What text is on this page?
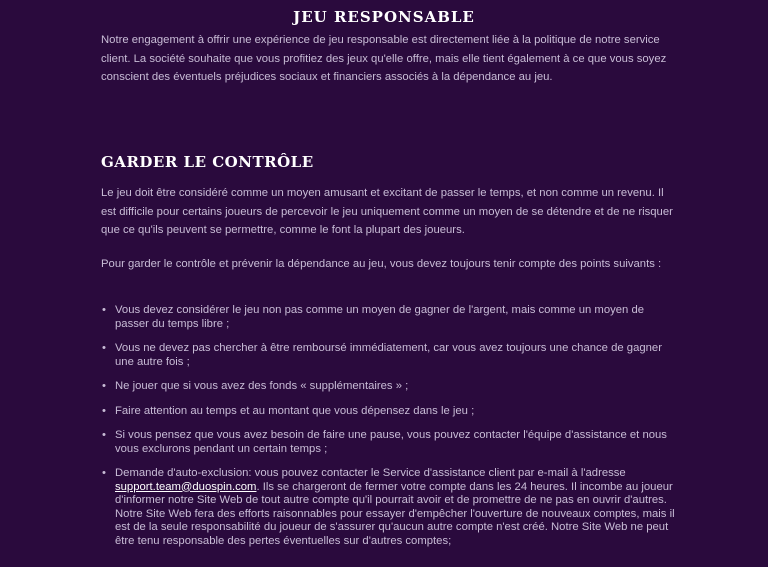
JEU RESPONSABLE

Notre engagement à offrir une expérience de jeu responsable est directement liée à la politique de notre service client. La société souhaite que vous profitiez des jeux qu'elle offre, mais elle tient également à ce que vous soyez conscient des éventuels préjudices sociaux et financiers associés à la dépendance au jeu.

GARDER LE CONTRÔLE

Le jeu doit être considéré comme un moyen amusant et excitant de passer le temps, et non comme un revenu. Il est difficile pour certains joueurs de percevoir le jeu uniquement comme un moyen de se détendre et de ne risquer que ce qu'ils peuvent se permettre, comme le font la plupart des joueurs.

Pour garder le contrôle et prévenir la dépendance au jeu, vous devez toujours tenir compte des points suivants :

• Vous devez considérer le jeu non pas comme un moyen de gagner de l'argent, mais comme un moyen de passer du temps libre ;
• Vous ne devez pas chercher à être remboursé immédiatement, car vous avez toujours une chance de gagner une autre fois ;
• Ne jouer que si vous avez des fonds « supplémentaires » ;
• Faire attention au temps et au montant que vous dépensez dans le jeu ;
• Si vous pensez que vous avez besoin de faire une pause, vous pouvez contacter l'équipe d'assistance et nous vous exclurons pendant un certain temps ;
• Demande d'auto-exclusion: vous pouvez contacter le Service d'assistance client par e-mail à l'adresse support.team@duospin.com. Ils se chargeront de fermer votre compte dans les 24 heures. Il incombe au joueur d'informer notre Site Web de tout autre compte qu'il pourrait avoir et de promettre de ne pas en ouvrir d'autres. Notre Site Web fera des efforts raisonnables pour essayer d'empêcher l'ouverture de nouveaux comptes, mais il est de la seule responsabilité du joueur de s'assurer qu'aucun autre compte n'est créé. Notre Site Web ne peut être tenu responsable des pertes éventuelles sur d'autres comptes;
